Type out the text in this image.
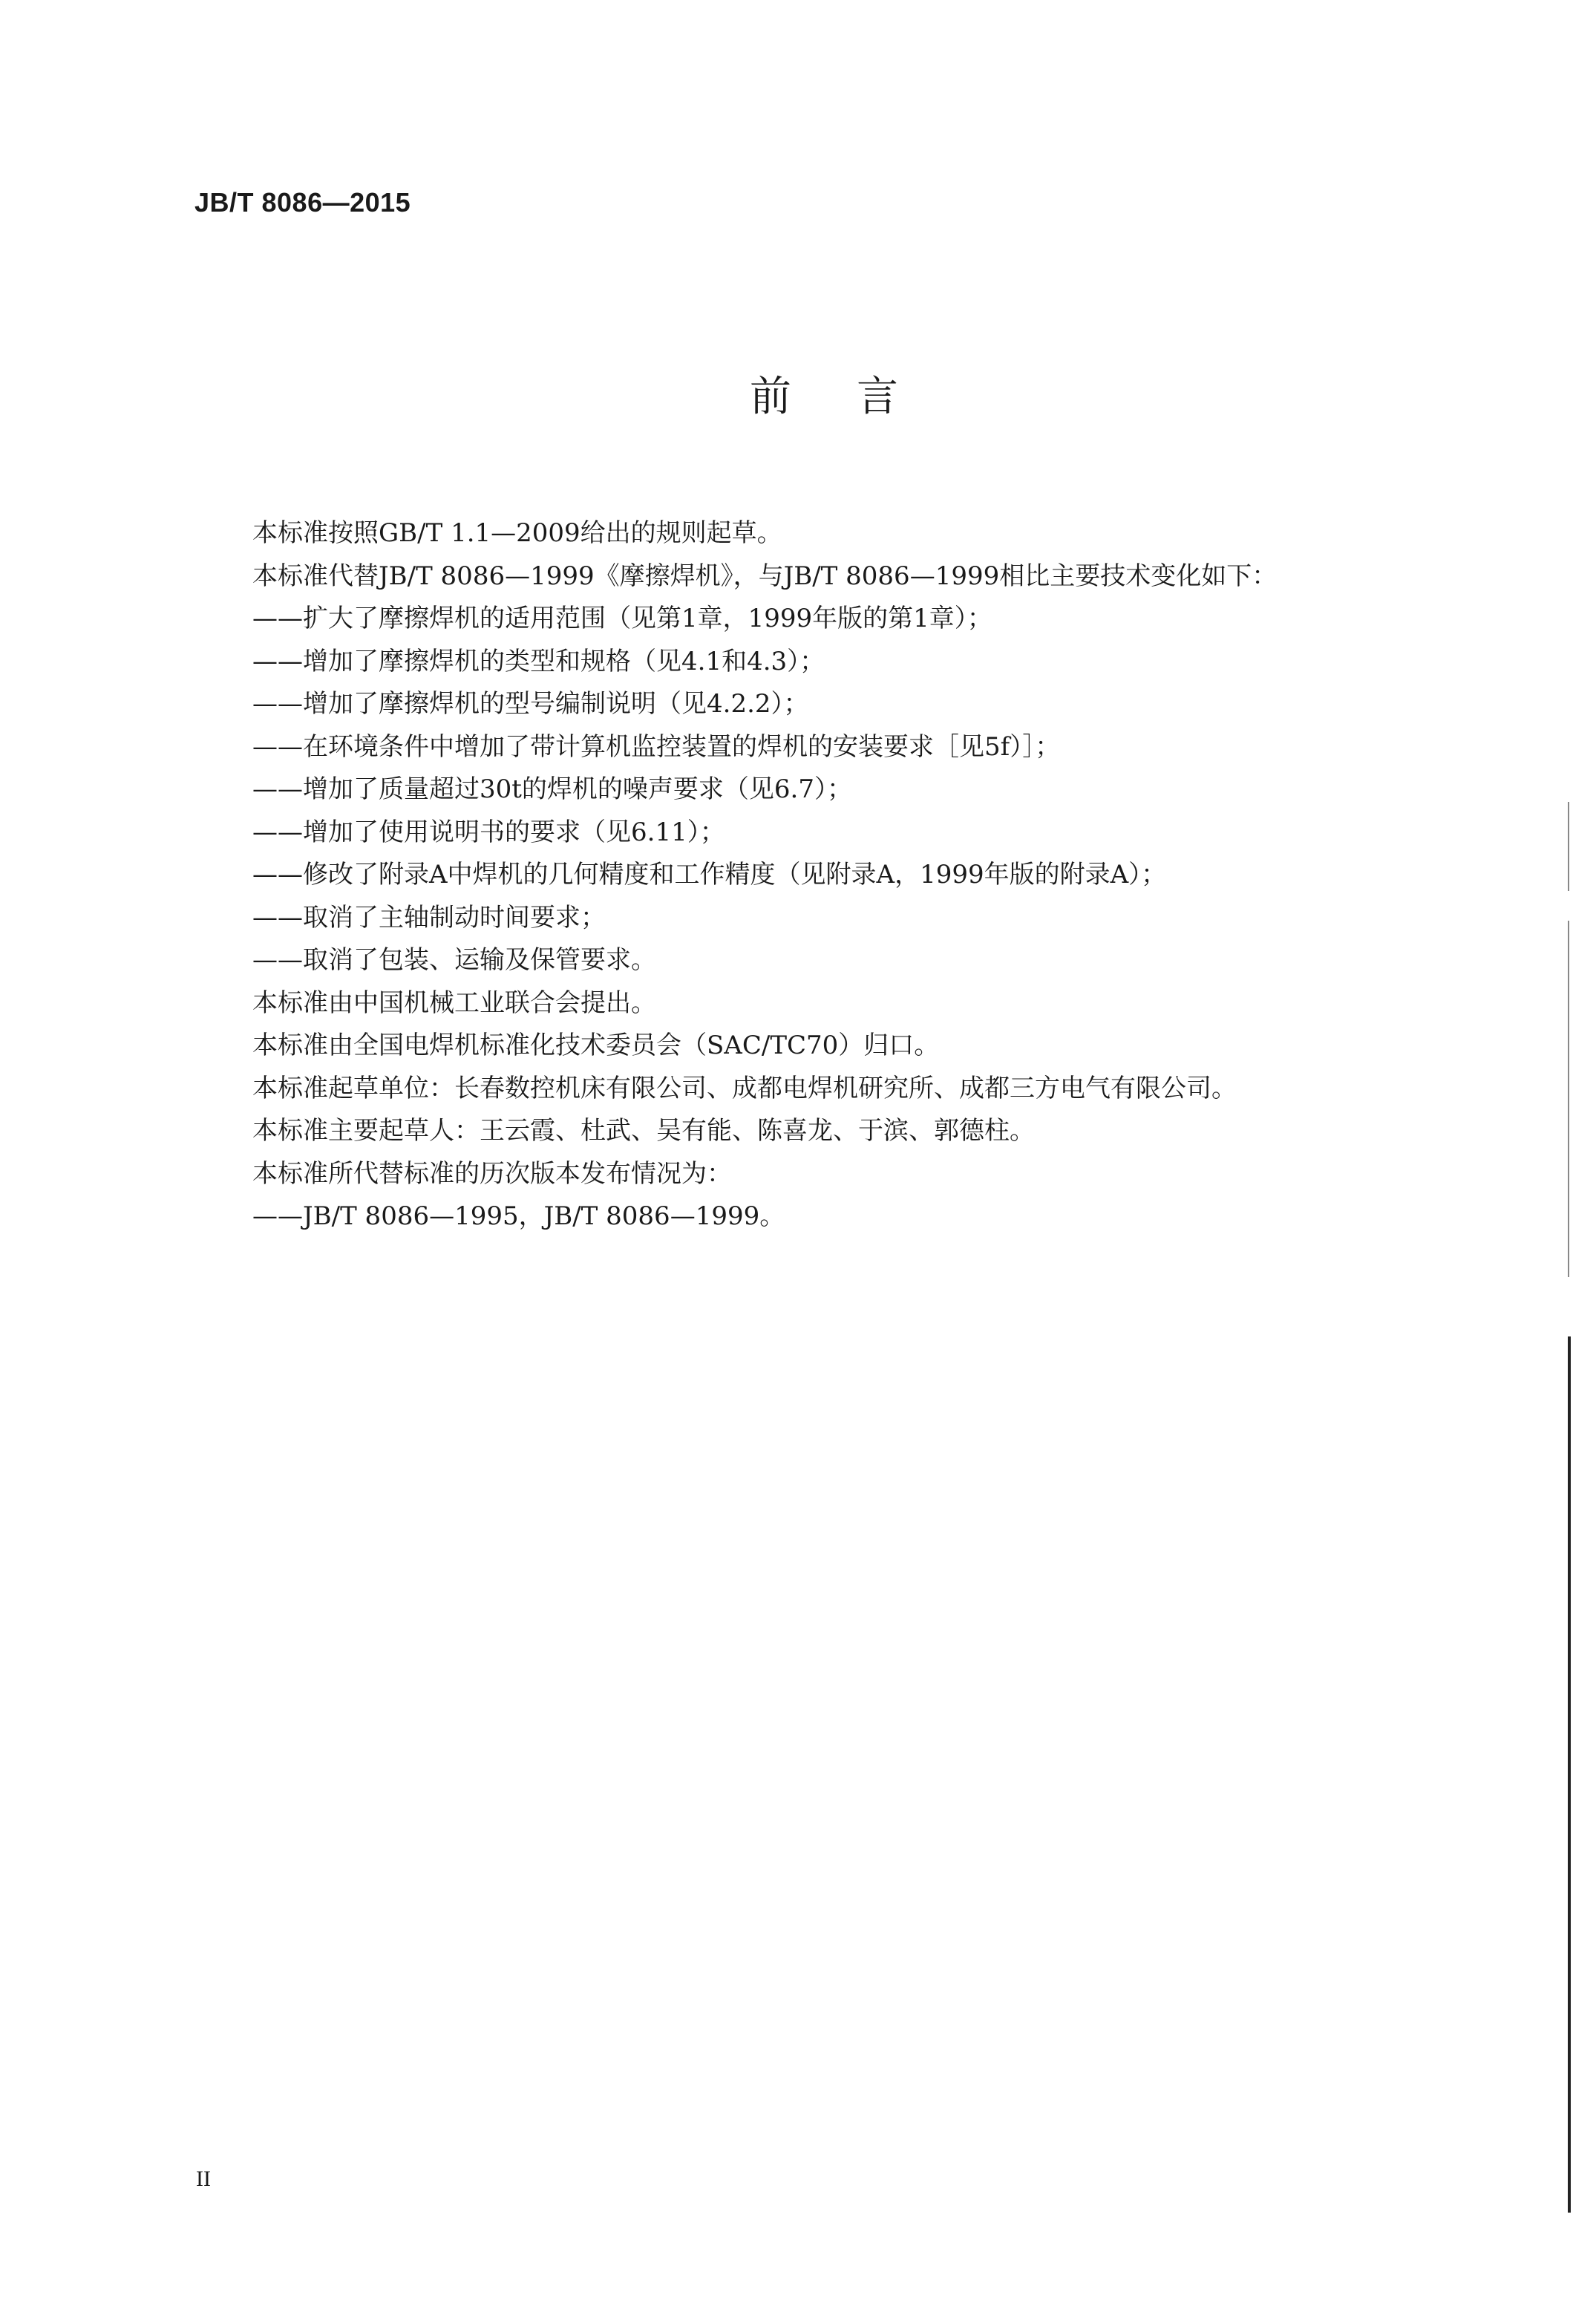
JB/T 8086—2015
前言

本标准按照GB/T 1.1—2009给出的规则起草。

本标准代替JB/T 8086—1999《摩擦焊机》，与JB/T 8086—1999相比主要技术变化如下：

——扩大了摩擦焊机的适用范围（见第1章，1999年版的第1章）；

——增加了摩擦焊机的类型和规格（见4.1和4.3）；

——增加了摩擦焊机的型号编制说明（见4.2.2）；

——在环境条件中增加了带计算机监控装置的焊机的安装要求［见5f）］；

——增加了质量超过30t的焊机的噪声要求（见6.7）；

——增加了使用说明书的要求（见6.11）；

——修改了附录A中焊机的几何精度和工作精度（见附录A，1999年版的附录A）；

——取消了主轴制动时间要求；

——取消了包装、运输及保管要求。

本标准由中国机械工业联合会提出。

本标准由全国电焊机标准化技术委员会（SAC/TC70）归口。

本标准起草单位：长春数控机床有限公司、成都电焊机研究所、成都三方电气有限公司。

本标准主要起草人：王云霞、杜武、吴有能、陈喜龙、于滨、郭德柱。

本标准所代替标准的历次版本发布情况为：

——JB/T 8086—1995，JB/T 8086—1999。

II
